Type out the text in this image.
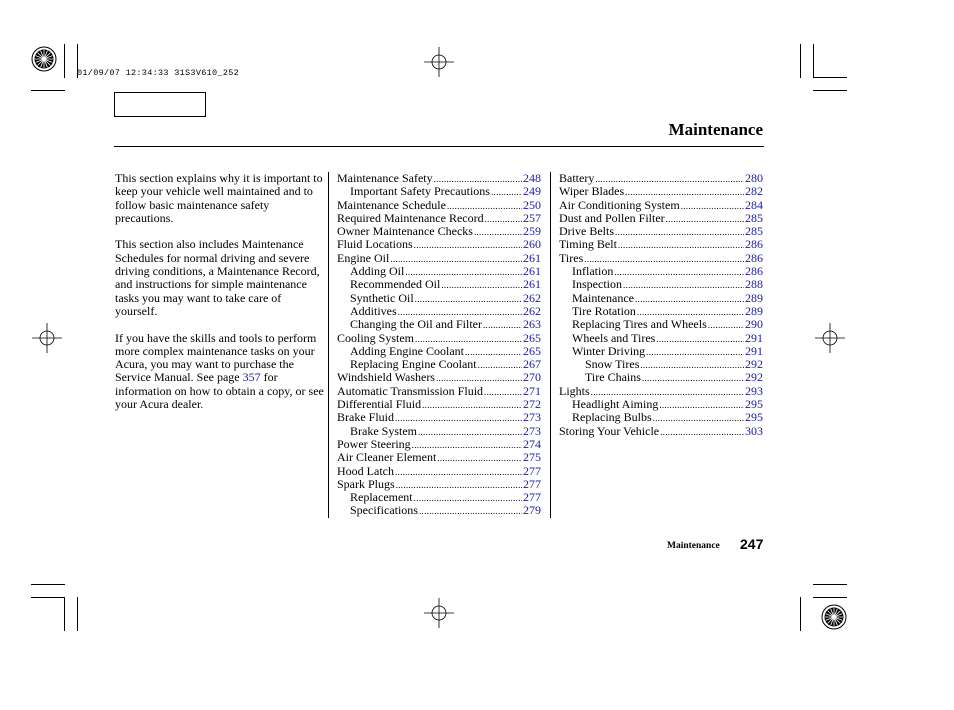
01/09/07 12:34:33 31S3V610_252
Maintenance

This section explains why it is important to keep your vehicle well maintained and to follow basic maintenance safety precautions.

This section also includes Maintenance Schedules for normal driving and severe driving conditions, a Maintenance Record, and instructions for simple maintenance tasks you may want to take care of yourself.

If you have the skills and tools to perform more complex maintenance tasks on your Acura, you may want to purchase the Service Manual. See page 357 for information on how to obtain a copy, or see your Acura dealer.

Maintenance Safety .....	248
Important Safety Precautions .....	249
Maintenance Schedule .....	250
Required Maintenance Record .....	257
Owner Maintenance Checks .....	259
Fluid Locations .....	260
Engine Oil .....	261
Adding Oil .....	261
Recommended Oil .....	261
Synthetic Oil .....	262
Additives .....	262
Changing the Oil and Filter .....	263
Cooling System .....	265
Adding Engine Coolant .....	265
Replacing Engine Coolant .....	267
Windshield Washers .....	270
Automatic Transmission Fluid .....	271
Differential Fluid .....	272
Brake Fluid .....	273
Brake System .....	273
Power Steering .....	274
Air Cleaner Element .....	275
Hood Latch .....	277
Spark Plugs .....	277
Replacement .....	277
Specifications .....	279
Battery .....	280
Wiper Blades .....	282
Air Conditioning System .....	284
Dust and Pollen Filter .....	285
Drive Belts .....	285
Timing Belt .....	286
Tires .....	286
Inflation .....	286
Inspection .....	288
Maintenance .....	289
Tire Rotation .....	289
Replacing Tires and Wheels .....	290
Wheels and Tires .....	291
Winter Driving .....	291
Snow Tires .....	292
Tire Chains .....	292
Lights .....	293
Headlight Aiming .....	295
Replacing Bulbs .....	295
Storing Your Vehicle .....	303
Maintenance 247
